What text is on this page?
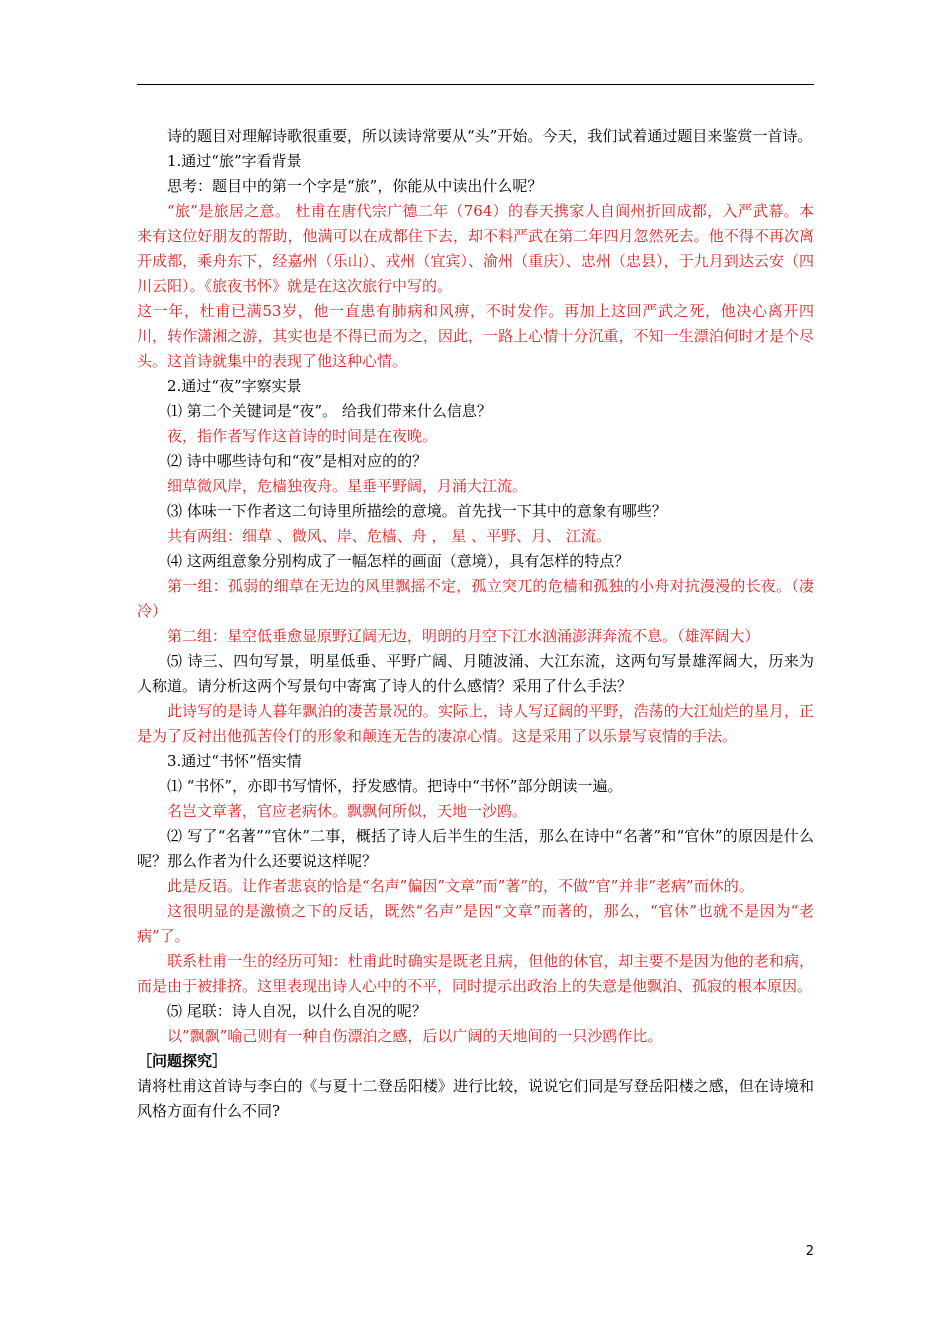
诗的题目对理解诗歌很重要，所以读诗常要从“头”开始。今天，我们试着通过题目来鉴赏一首诗。

1.通过“旅”字看背景

思考：题目中的第一个字是“旅”，你能从中读出什么呢？

“旅”是旅居之意。 杜甫在唐代宗广德二年（764）的春天携家人自阆州折回成都，入严武幕。本来有这位好朋友的帮助，他满可以在成都住下去，却不料严武在第二年四月忽然死去。他不得不再次离开成都，乘舟东下，经嘉州（乐山）、戎州（宜宾）、渝州（重庆）、忠州（忠县），于九月到达云安（四川云阳）。《旅夜书怀》就是在这次旅行中写的。

这一年，杜甫已满53岁，他一直患有肺病和风痹，不时发作。再加上这回严武之死，他决心离开四川，转作潇湘之游，其实也是不得已而为之，因此，一路上心情十分沉重，不知一生漂泊何时才是个尽头。这首诗就集中的表现了他这种心情。

2.通过“夜”字察实景

⑴ 第二个关键词是“夜”。 给我们带来什么信息？

夜，指作者写作这首诗的时间是在夜晚。

⑵ 诗中哪些诗句和“夜”是相对应的的？

细草微风岸，危樯独夜舟。星垂平野阔，月涌大江流。

⑶ 体味一下作者这二句诗里所描绘的意境。首先找一下其中的意象有哪些？

共有两组：细草 、微风、岸、危樯、舟 ， 星 、平野、月、 江流。

⑷ 这两组意象分别构成了一幅怎样的画面（意境），具有怎样的特点？

第一组：孤弱的细草在无边的风里飘摇不定，孤立突兀的危樯和孤独的小舟对抗漫漫的长夜。（凄冷）

第二组：星空低垂愈显原野辽阔无边，明朗的月空下江水汹涌澎湃奔流不息。（雄浑阔大）

⑸ 诗三、四句写景，明星低垂、平野广阔、月随波涌、大江东流，这两句写景雄浑阔大，历来为人称道。请分析这两个写景句中寄寓了诗人的什么感情？采用了什么手法？

此诗写的是诗人暮年飘泊的凄苦景况的。实际上，诗人写辽阔的平野，浩荡的大江灿烂的星月，正是为了反衬出他孤苦伶仃的形象和颠连无告的凄凉心情。这是采用了以乐景写哀情的手法。

3.通过“书怀”悟实情

⑴ “书怀”，亦即书写情怀，抒发感情。把诗中“书怀”部分朗读一遍。

名岂文章著，官应老病休。飘飘何所似，天地一沙鸥。

⑵ 写了“名著”“官休”二事，概括了诗人后半生的生活，那么在诗中“名著”和“官休”的原因是什么呢？那么作者为什么还要说这样呢？

此是反语。让作者悲哀的恰是“名声”偏因”文章”而”著”的，不做”官”并非”老病”而休的。

这很明显的是激愤之下的反话，既然“名声”是因“文章”而著的，那么，“官休”也就不是因为“老病”了。

联系杜甫一生的经历可知：杜甫此时确实是既老且病，但他的休官，却主要不是因为他的老和病，而是由于被排挤。这里表现出诗人心中的不平，同时提示出政治上的失意是他飘泊、孤寂的根本原因。

⑸ 尾联：诗人自况，以什么自况的呢？

以”飘飘”喻己则有一种自伤漂泊之感，后以广阔的天地间的一只沙鸥作比。

［问题探究］

请将杜甫这首诗与李白的《与夏十二登岳阳楼》进行比较，说说它们同是写登岳阳楼之感，但在诗境和风格方面有什么不同?

2
